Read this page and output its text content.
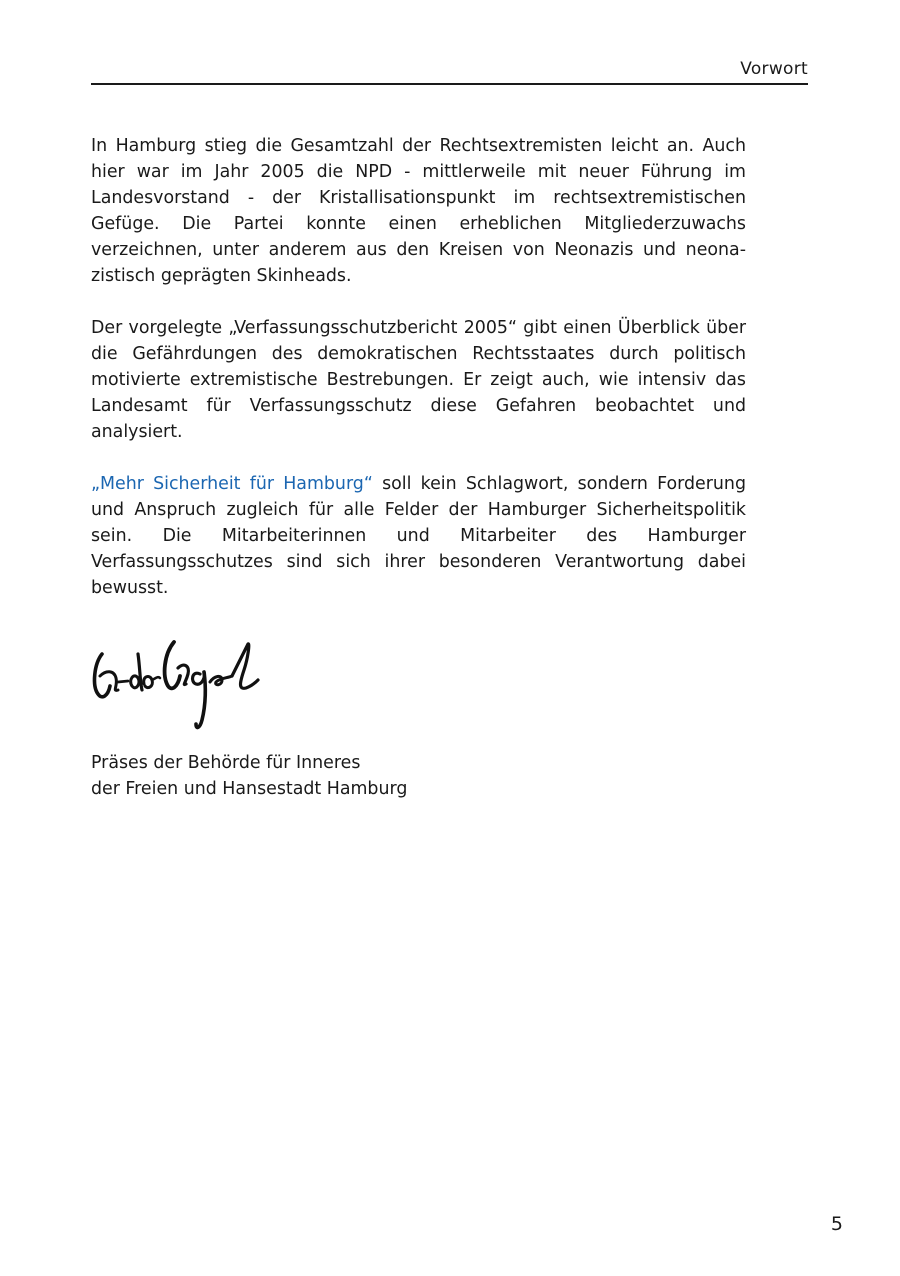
Vorwort

In Hamburg stieg die Gesamtzahl der Rechtsextremisten leicht an. Auch hier war im Jahr 2005 die NPD - mittlerweile mit neuer Führung im Landesvorstand - der Kristallisationspunkt im rechtsextremistischen Gefüge. Die Partei konnte einen erheblichen Mitgliederzuwachs verzeichnen, unter anderem aus den Kreisen von Neonazis und neonazistisch geprägten Skinheads.

Der vorgelegte „Verfassungsschutzbericht 2005“ gibt einen Überblick über die Gefährdungen des demokratischen Rechtsstaates durch politisch motivierte extremistische Bestrebungen. Er zeigt auch, wie intensiv das Landesamt für Verfassungsschutz diese Gefahren beobachtet und analysiert.

„Mehr Sicherheit für Hamburg“ soll kein Schlagwort, sondern Forderung und Anspruch zugleich für alle Felder der Hamburger Sicherheitspolitik sein. Die Mitarbeiterinnen und Mitarbeiter des Hamburger Verfassungsschutzes sind sich ihrer besonderen Verantwortung dabei bewusst.

Präses der Behörde für Inneres
der Freien und Hansestadt Hamburg
5
